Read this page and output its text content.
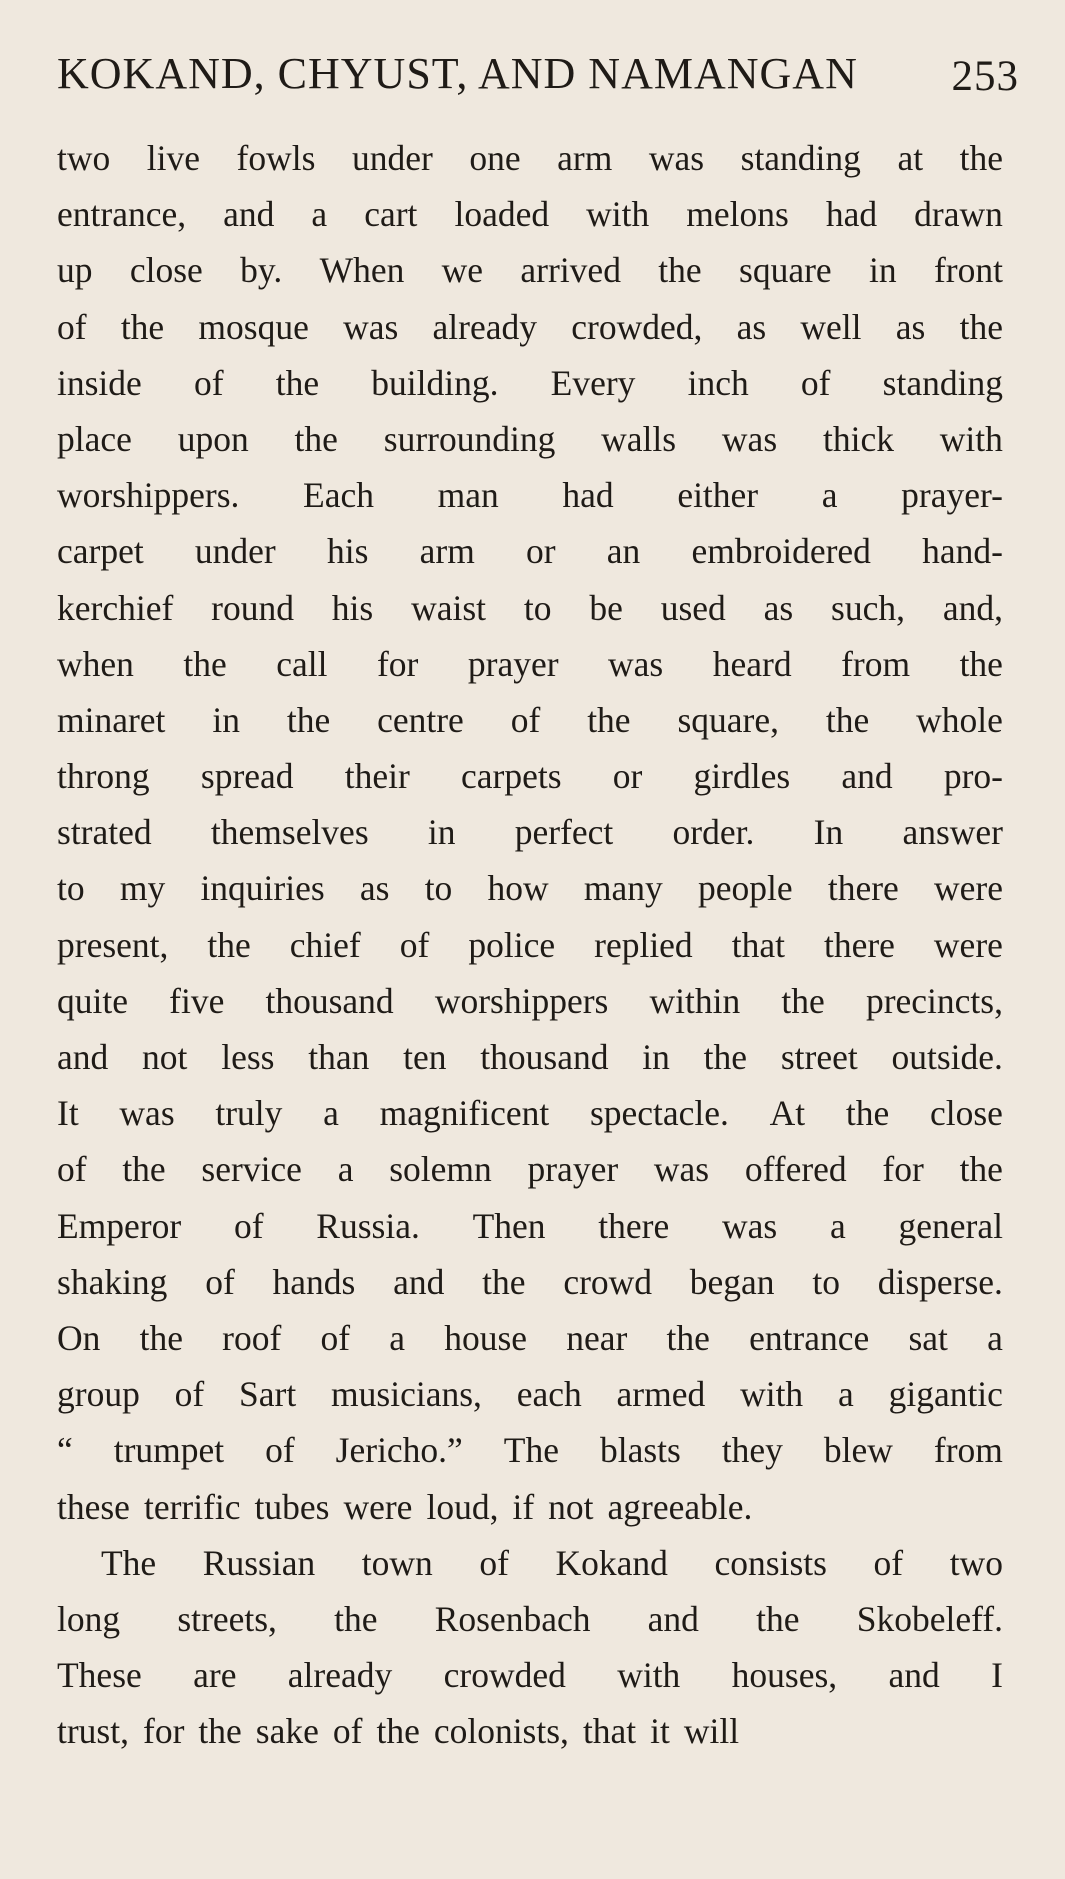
KOKAND, CHYUST, AND NAMANGAN 253
two live fowls under one arm was standing at the
entrance, and a cart loaded with melons had drawn
up close by. When we arrived the square in front
of the mosque was already crowded, as well as the
inside of the building. Every inch of standing
place upon the surrounding walls was thick with
worshippers. Each man had either a prayer-
carpet under his arm or an embroidered hand-
kerchief round his waist to be used as such, and,
when the call for prayer was heard from the
minaret in the centre of the square, the whole
throng spread their carpets or girdles and pro-
strated themselves in perfect order. In answer
to my inquiries as to how many people there were
present, the chief of police replied that there were
quite five thousand worshippers within the precincts,
and not less than ten thousand in the street outside.
It was truly a magnificent spectacle. At the close
of the service a solemn prayer was offered for the
Emperor of Russia. Then there was a general
shaking of hands and the crowd began to disperse.
On the roof of a house near the entrance sat a
group of Sart musicians, each armed with a gigantic
“ trumpet of Jericho.” The blasts they blew from
these terrific tubes were loud, if not agreeable.
The Russian town of Kokand consists of two
long streets, the Rosenbach and the Skobeleff.
These are already crowded with houses, and I
trust, for the sake of the colonists, that it will
